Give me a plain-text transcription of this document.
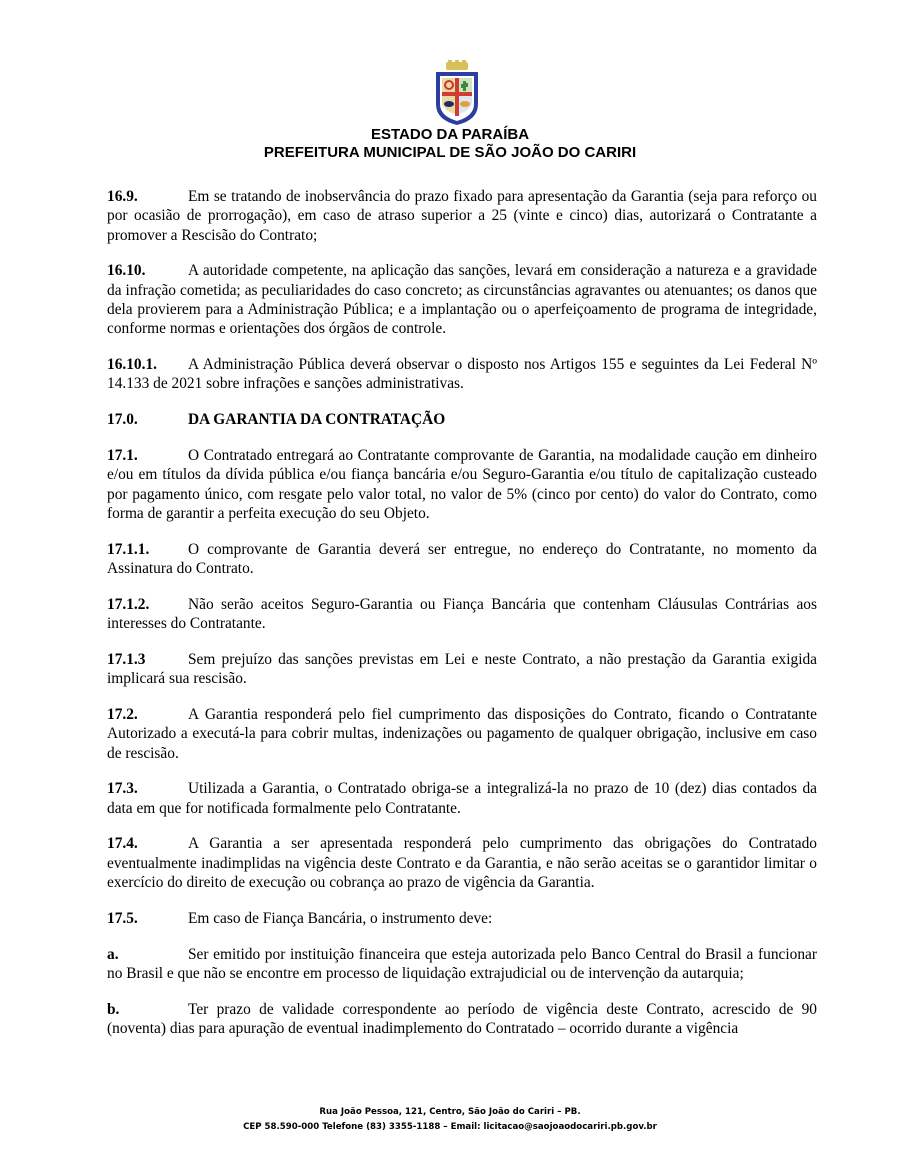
ESTADO DA PARAÍBA
PREFEITURA MUNICIPAL DE SÃO JOÃO DO CARIRI

16.9.	Em se tratando de inobservância do prazo fixado para apresentação da Garantia (seja para reforço ou por ocasião de prorrogação), em caso de atraso superior a 25 (vinte e cinco) dias, autorizará o Contratante a promover a Rescisão do Contrato;

16.10.	A autoridade competente, na aplicação das sanções, levará em consideração a natureza e a gravidade da infração cometida; as peculiaridades do caso concreto; as circunstâncias agravantes ou atenuantes; os danos que dela provierem para a Administração Pública; e a implantação ou o aperfeiçoamento de programa de integridade, conforme normas e orientações dos órgãos de controle.

16.10.1. A Administração Pública deverá observar o disposto nos Artigos 155 e seguintes da Lei Federal Nº 14.133 de 2021 sobre infrações e sanções administrativas.

17.0.	DA GARANTIA DA CONTRATAÇÃO

17.1.	O Contratado entregará ao Contratante comprovante de Garantia, na modalidade caução em dinheiro e/ou em títulos da dívida pública e/ou fiança bancária e/ou Seguro-Garantia e/ou título de capitalização custeado por pagamento único, com resgate pelo valor total, no valor de 5% (cinco por cento) do valor do Contrato, como forma de garantir a perfeita execução do seu Objeto.

17.1.1.	O comprovante de Garantia deverá ser entregue, no endereço do Contratante, no momento da Assinatura do Contrato.

17.1.2.	Não serão aceitos Seguro-Garantia ou Fiança Bancária que contenham Cláusulas Contrárias aos interesses do Contratante.

17.1.3	Sem prejuízo das sanções previstas em Lei e neste Contrato, a não prestação da Garantia exigida implicará sua rescisão.

17.2.	A Garantia responderá pelo fiel cumprimento das disposições do Contrato, ficando o Contratante Autorizado a executá-la para cobrir multas, indenizações ou pagamento de qualquer obrigação, inclusive em caso de rescisão.

17.3.	Utilizada a Garantia, o Contratado obriga-se a integralizá-la no prazo de 10 (dez) dias contados da data em que for notificada formalmente pelo Contratante.

17.4.	A Garantia a ser apresentada responderá pelo cumprimento das obrigações do Contratado eventualmente inadimplidas na vigência deste Contrato e da Garantia, e não serão aceitas se o garantidor limitar o exercício do direito de execução ou cobrança ao prazo de vigência da Garantia.

17.5.	Em caso de Fiança Bancária, o instrumento deve:

a.	Ser emitido por instituição financeira que esteja autorizada pelo Banco Central do Brasil a funcionar no Brasil e que não se encontre em processo de liquidação extrajudicial ou de intervenção da autarquia;

b.	Ter prazo de validade correspondente ao período de vigência deste Contrato, acrescido de 90 (noventa) dias para apuração de eventual inadimplemento do Contratado – ocorrido durante a vigência

Rua João Pessoa, 121, Centro, São João do Cariri – PB.
CEP 58.590-000 Telefone (83) 3355-1188 – Email: licitacao@saojoaodocariri.pb.gov.br
